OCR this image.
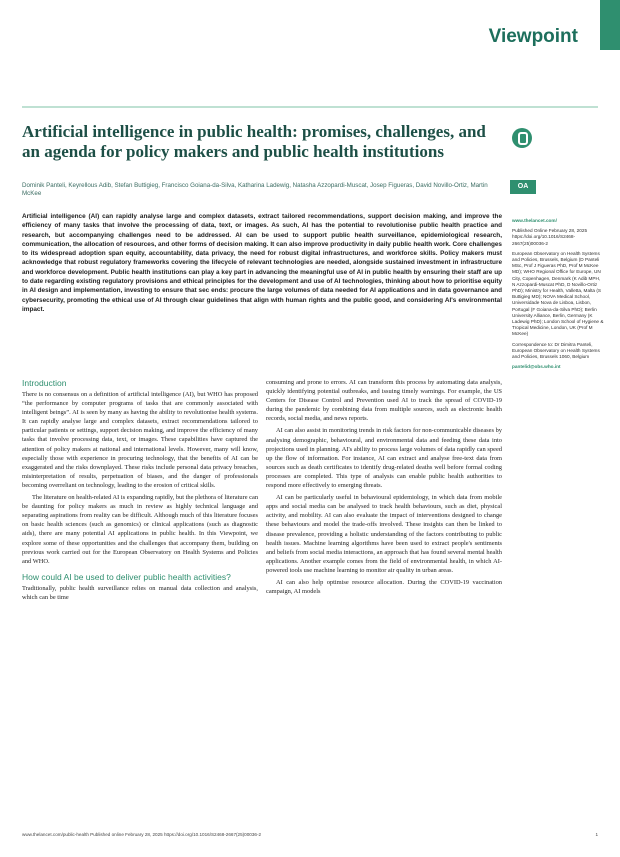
Viewpoint
Artificial intelligence in public health: promises, challenges, and an agenda for policy makers and public health institutions
OA
Dominik Panteli, Keyrellous Adib, Stefan Buttigieg, Francisco Goiana-da-Silva, Katharina Ladewig, Natasha Azzopardi-Muscat, Josep Figueras, David Novillo-Ortiz, Martin McKee
Artificial intelligence (AI) can rapidly analyse large and complex datasets, extract tailored recommendations, support decision making, and improve the efficiency of many tasks that involve the processing of data, text, or images. As such, AI has the potential to revolutionise public health practice and research, but accompanying challenges need to be addressed. AI can be used to support public health surveillance, epidemiological research, communication, the allocation of resources, and other forms of decision making. It can also improve productivity in daily public health work. Core challenges to its widespread adoption span equity, accountability, data privacy, the need for robust digital infrastructures, and workforce skills. Policy makers must acknowledge that robust regulatory frameworks covering the lifecycle of relevant technologies are needed, alongside sustained investment in infrastructure and workforce development. Public health institutions can play a key part in advancing the meaningful use of AI in public health by ensuring their staff are up to date regarding existing regulatory provisions and ethical principles for the development and use of AI technologies, thinking about how to prioritise equity in AI design and implementation, investing to ensure that sec ends: procure the large volumes of data needed for AI applications and in data governance and cybersecurity, promoting the ethical use of AI through clear guidelines that align with human rights and the public good, and considering AI's environmental impact.
www.thelancet.com/
Published Online February 28, 2025 https://doi.org/10.1016/S2468-2667(25)00036-2
European Observatory on Health Systems and Policies, Brussels, Belgium (D Panteli MSc, Prof J Figueras PhD, Prof M McKee MD); WHO Regional Office for Europe, UN City, Copenhagen, Denmark (K Adib MPH, N Azzopardi-Muscat PhD, D Novillo-Ortiz PhD); Ministry for Health, Valletta, Malta (S Buttigieg MD); NOVA Medical School, Universidade Nova de Lisboa, Lisbon, Portugal (F Goiana-da-Silva PhD); Berlin University Alliance, Berlin, Germany (K Ladewig PhD); London School of Hygiene & Tropical Medicine, London, UK (Prof M McKee)
Correspondence to: Dr Dimitra Panteli, European Observatory on Health Systems and Policies, Brussels 1060, Belgium
pantelid@obs.who.int
Introduction
There is no consensus on a definition of artificial intelligence (AI), but WHO has proposed “the performance by computer programs of tasks that are commonly associated with intelligent beings”. AI is seen by many as having the ability to revolutionise health systems. It can rapidly analyse large and complex datasets, extract recommendations tailored to particular patients or settings, support decision making, and improve the efficiency of many tasks that involve processing data, text, or images. These capabilities have captured the attention of policy makers at national and international levels. However, many will know, especially those with experience in procuring technology, that the benefits of AI can be exaggerated and the risks downplayed. These risks include personal data privacy breaches, misinterpretation of results, perpetuation of biases, and the danger of professionals becoming overreliant on technology, leading to the erosion of critical skills.
The literature on health-related AI is expanding rapidly, but the plethora of literature can be daunting for policy makers as much in review as highly technical language and separating aspirations from reality can be difficult. Although much of this literature focuses on basic health sciences (such as genomics) or clinical applications (such as diagnostic aids), there are many potential AI applications in public health. In this Viewpoint, we explore some of these opportunities and the challenges that accompany them, building on previous work carried out for the European Observatory on Health Systems and Policies and WHO.
How could AI be used to deliver public health activities?
Traditionally, public health surveillance relies on manual data collection and analysis, which can be time
consuming and prone to errors. AI can transform this process by automating data analysis, quickly identifying potential outbreaks, and issuing timely warnings. For example, the US Centers for Disease Control and Prevention used AI to track the spread of COVID-19 during the pandemic by combining data from multiple sources, such as electronic health records, social media, and news reports.
AI can also assist in monitoring trends in risk factors for non-communicable diseases by analysing demographic, behavioural, and environmental data and feeding these data into projections used in planning. AI's ability to process large volumes of data rapidly can speed up the flow of information. For instance, AI can extract and analyse free-text data from sources such as death certificates to identify drug-related deaths well before formal coding processes are completed. This type of analysis can enable public health authorities to respond more effectively to emerging threats.
AI can be particularly useful in behavioural epidemiology, in which data from mobile apps and social media can be analysed to track health behaviours, such as diet, physical activity, and mobility. AI can also evaluate the impact of interventions designed to change these behaviours and model the trade-offs involved. These insights can then be linked to disease prevalence, providing a holistic understanding of the factors contributing to public health issues. Machine learning algorithms have been used to extract people's sentiments and beliefs from social media interactions, an approach that has found several mental health applications. Another example comes from the field of environmental health, in which AI-powered tools use machine learning to monitor air quality in urban areas.
AI can also help optimise resource allocation. During the COVID-19 vaccination campaign, AI models
www.thelancet.com/public-health Published online February 28, 2025 https://doi.org/10.1016/S2468-2667(25)00036-2	1
